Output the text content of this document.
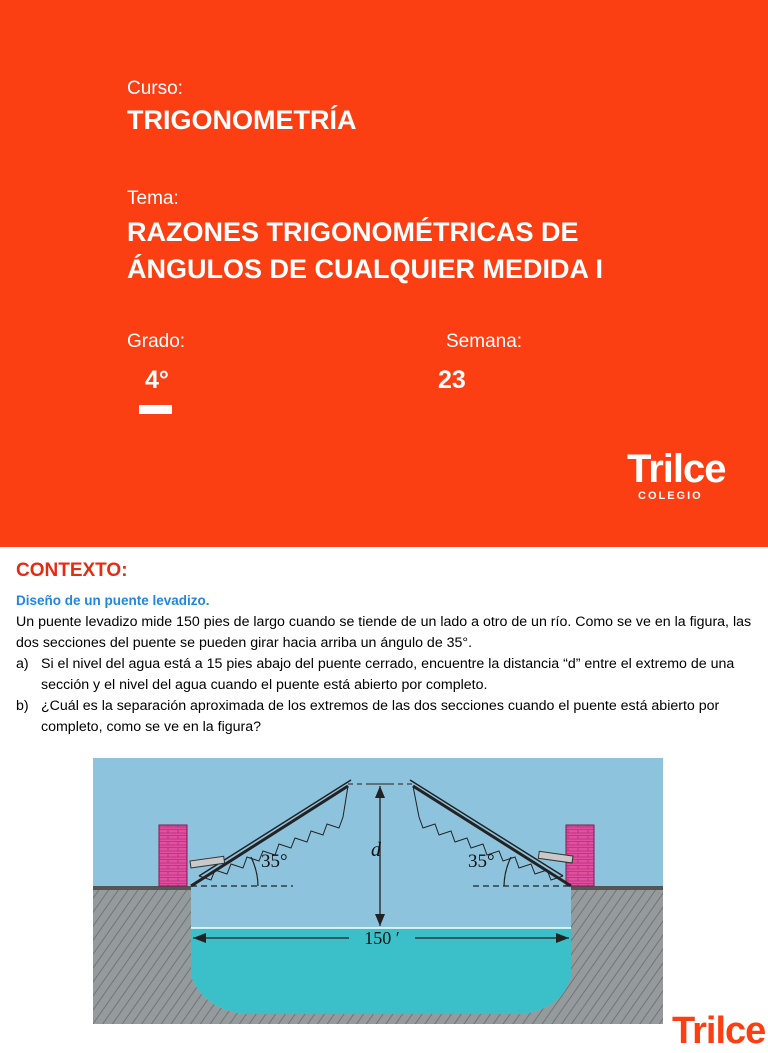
Curso:
TRIGONOMETRÍA
Tema:
RAZONES TRIGONOMÉTRICAS DE
ÁNGULOS DE CUALQUIER MEDIDA I
Grado:
4°
Semana:
23
Trilce
COLEGIO
CONTEXTO:
Diseño de un puente levadizo.
Un puente levadizo mide 150 pies de largo cuando se tiende de un lado a otro de un río. Como se ve en la figura, las dos secciones del puente se pueden girar hacia arriba un ángulo de 35°.
a) Si el nivel del agua está a 15 pies abajo del puente cerrado, encuentre la distancia “d” entre el extremo de una sección y el nivel del agua cuando el puente está abierto por completo.
b) ¿Cuál es la separación aproximada de los extremos de las dos secciones cuando el puente está abierto por completo, como se ve en la figura?
35°	35°
d
150 ′
Trilce
